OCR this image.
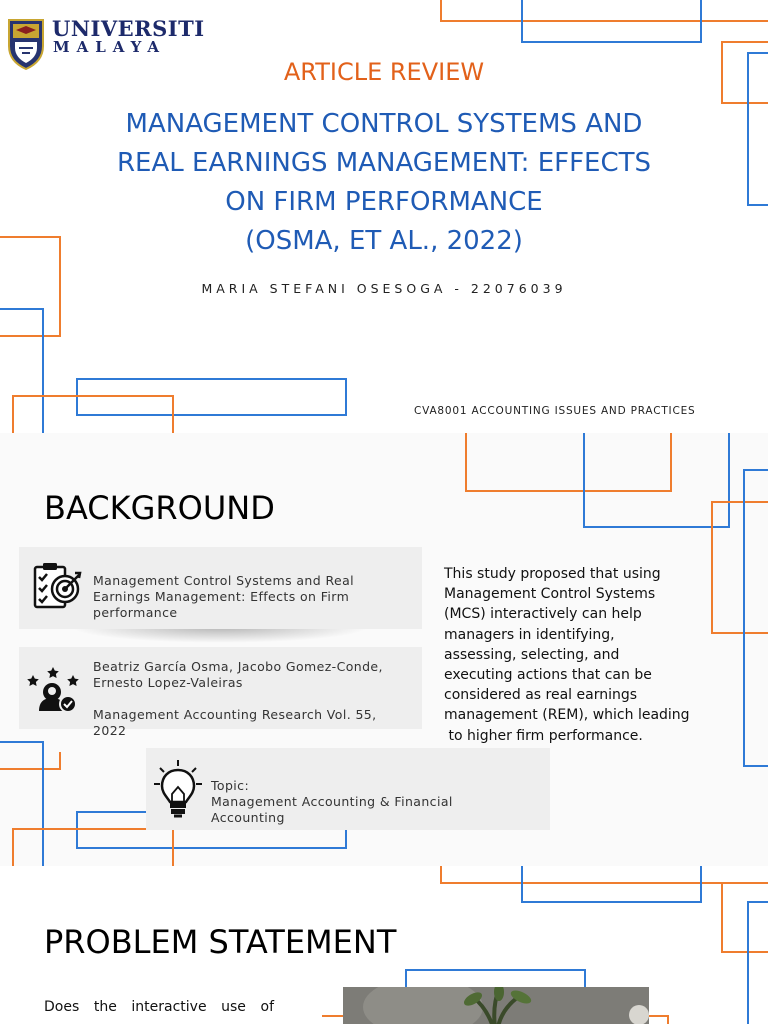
UNIVERSITI
MALAYA
ARTICLE REVIEW
MANAGEMENT CONTROL SYSTEMS AND
REAL EARNINGS MANAGEMENT: EFFECTS
ON FIRM PERFORMANCE
(OSMA, ET AL., 2022)
MARIA STEFANI OSESOGA - 22076039
CVA8001 ACCOUNTING ISSUES AND PRACTICES
BACKGROUND
Management Control Systems and Real
Earnings Management: Effects on Firm
performance
Beatriz García Osma, Jacobo Gomez-Conde,
Ernesto Lopez-Valeiras
Management Accounting Research Vol. 55,
2022
Topic:
Management Accounting & Financial
Accounting
This study proposed that using
Management Control Systems
(MCS) interactively can help
managers in identifying,
assessing, selecting, and
executing actions that can be
considered as real earnings
management (REM), which leading
to higher firm performance.
PROBLEM STATEMENT
Does the interactive use of
